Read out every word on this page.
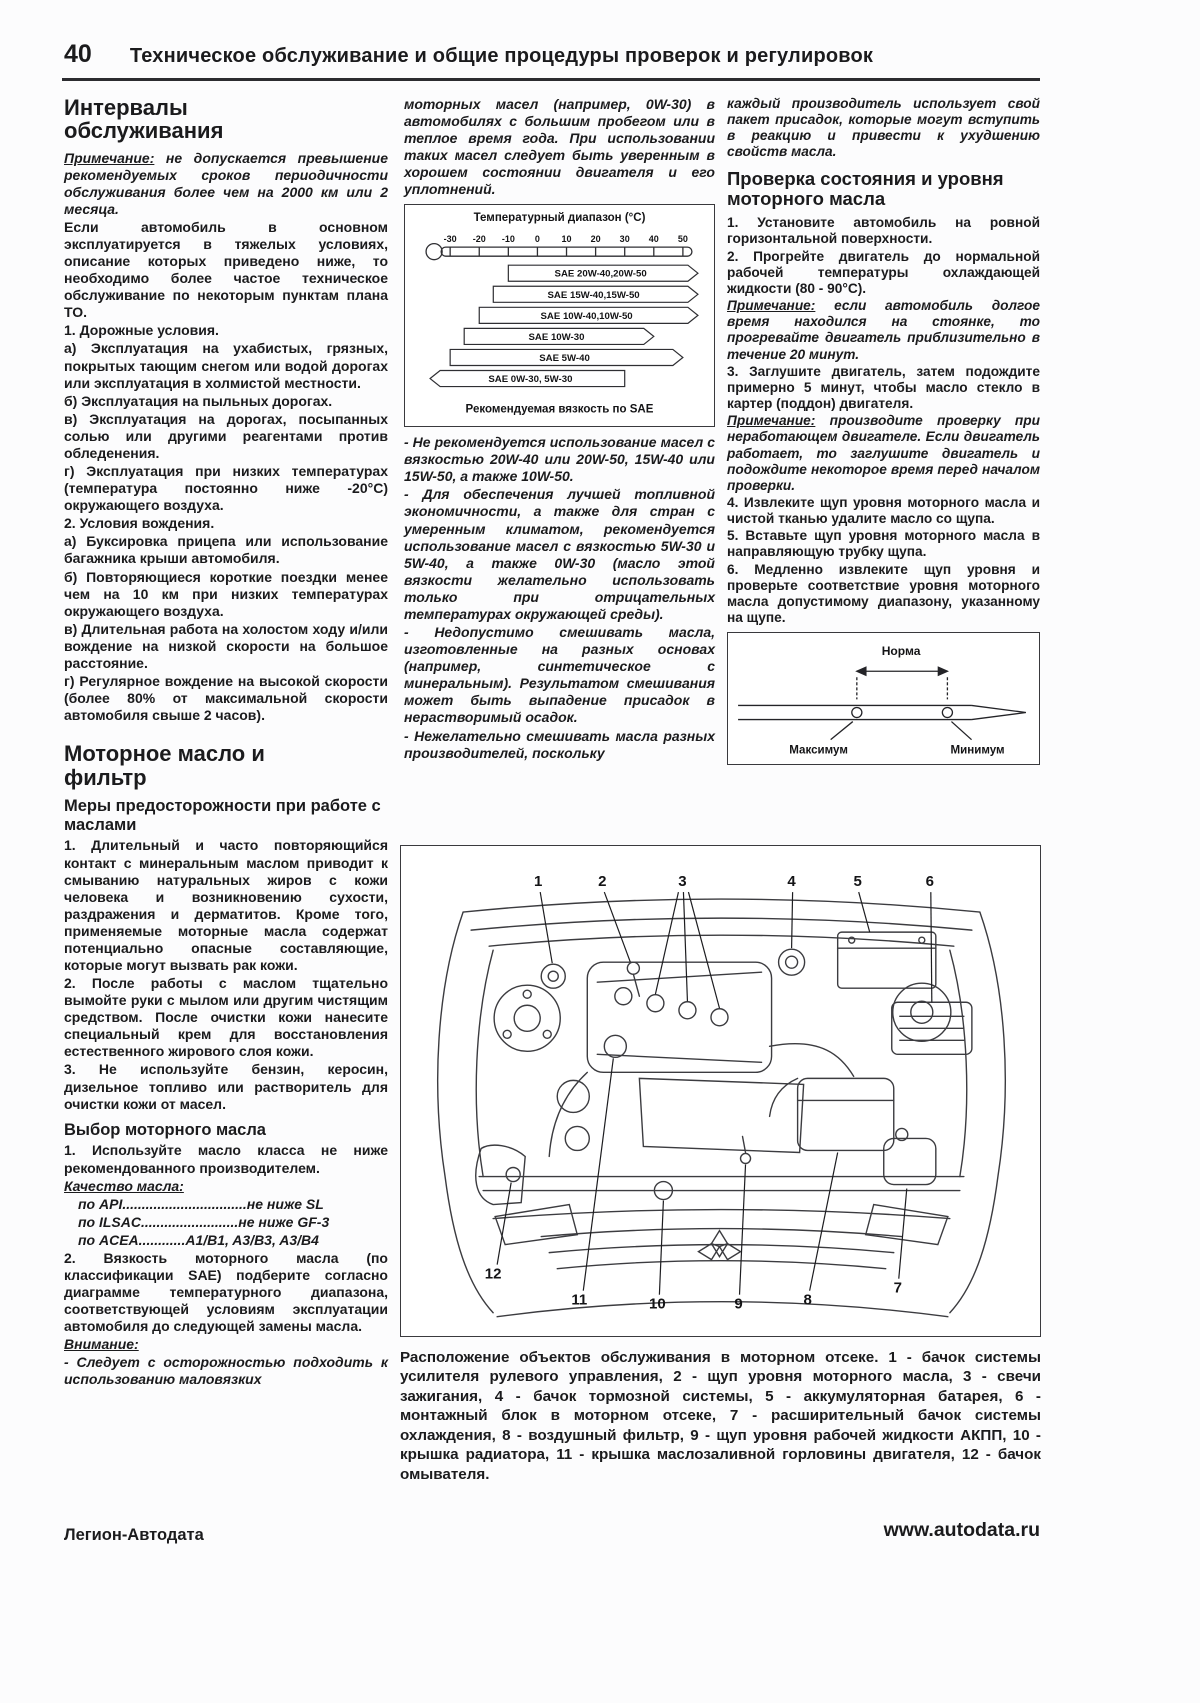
40 Техническое обслуживание и общие процедуры проверок и регулировок
Интервалы обслуживания

Примечание: не допускается превышение рекомендуемых сроков периодичности обслуживания более чем на 2000 км или 2 месяца.

Если автомобиль в основном эксплуатируется в тяжелых условиях, описание которых приведено ниже, то необходимо более частое техническое обслуживание по некоторым пунктам плана ТО.

1. Дорожные условия.

а) Эксплуатация на ухабистых, грязных, покрытых тающим снегом или водой дорогах или эксплуатация в холмистой местности.

б) Эксплуатация на пыльных дорогах.

в) Эксплуатация на дорогах, посыпанных солью или другими реагентами против обледенения.

г) Эксплуатация при низких температурах (температура постоянно ниже -20°C) окружающего воздуха.

2. Условия вождения.

а) Буксировка прицепа или использование багажника крыши автомобиля.

б) Повторяющиеся короткие поездки менее чем на 10 км при низких температурах окружающего воздуха.

в) Длительная работа на холостом ходу и/или вождение на низкой скорости на большое расстояние.

г) Регулярное вождение на высокой скорости (более 80% от максимальной скорости автомобиля свыше 2 часов).

Моторное масло и фильтр
Меры предосторожности при работе с маслами

1. Длительный и часто повторяющийся контакт с минеральным маслом приводит к смыванию натуральных жиров с кожи человека и возникновению сухости, раздражения и дерматитов. Кроме того, применяемые моторные масла содержат потенциально опасные составляющие, которые могут вызвать рак кожи.

2. После работы с маслом тщательно вымойте руки с мылом или другим чистящим средством. После очистки кожи нанесите специальный крем для восстановления естественного жирового слоя кожи.

3. Не используйте бензин, керосин, дизельное топливо или растворитель для очистки кожи от масел.

Выбор моторного масла

1. Используйте масло класса не ниже рекомендованного производителем.

Качество масла:

по API................................не ниже SL

по ILSAC.........................не ниже GF-3

по ACEA............A1/B1, A3/B3, A3/B4

2. Вязкость моторного масла (по классификации SAE) подберите согласно диаграмме температурного диапазона, соответствующей условиям эксплуатации автомобиля до следующей замены масла.

Внимание:

- Следует с осторожностью подходить к использованию маловязких

моторных масел (например, 0W-30) в автомобилях с большим пробегом или в теплое время года. При использовании таких масел следует быть уверенным в хорошем состоянии двигателя и его уплотнений.

Температурный диапазон (°C)
-30 -20 -10 0 10 20 30 40 50
SAE 20W-40,20W-50
SAE 15W-40,15W-50
SAE 10W-40,10W-50
SAE 10W-30
SAE 5W-40
SAE 0W-30, 5W-30
Рекомендуемая вязкость по SAE

- Не рекомендуется использование масел с вязкостью 20W-40 или 20W-50, 15W-40 или 15W-50, а также 10W-50.

- Для обеспечения лучшей топливной экономичности, а также для стран с умеренным климатом, рекомендуется использование масел с вязкостью 5W-30 и 5W-40, а также 0W-30 (масло этой вязкости желательно использовать только при отрицательных температурах окружающей среды).

- Недопустимо смешивать масла, изготовленные на разных основах (например, синтетическое с минеральным). Результатом смешивания может быть выпадение присадок в нерастворимый осадок.

- Нежелательно смешивать масла разных производителей, поскольку

каждый производитель использует свой пакет присадок, которые могут вступить в реакцию и привести к ухудшению свойств масла.

Проверка состояния и уровня моторного масла

1. Установите автомобиль на ровной горизонтальной поверхности.

2. Прогрейте двигатель до нормальной рабочей температуры охлаждающей жидкости (80 - 90°C).

Примечание: если автомобиль долгое время находился на стоянке, то прогревайте двигатель приблизительно в течение 20 минут.

3. Заглушите двигатель, затем подождите примерно 5 минут, чтобы масло стекло в картер (поддон) двигателя.

Примечание: производите проверку при неработающем двигателе. Если двигатель работает, то заглушите двигатель и подождите некоторое время перед началом проверки.

4. Извлеките щуп уровня моторного масла и чистой тканью удалите масло со щупа.

5. Вставьте щуп уровня моторного масла в направляющую трубку щупа.

6. Медленно извлеките щуп уровня и проверьте соответствие уровня моторного масла допустимому диапазону, указанному на щупе.

Норма
Максимум	Минимум
1	2	3	4	5	6
12
11	10	9	8
7

Расположение объектов обслуживания в моторном отсеке. 1 - бачок системы усилителя рулевого управления, 2 - щуп уровня моторного масла, 3 - свечи зажигания, 4 - бачок тормозной системы, 5 - аккумуляторная батарея, 6 - монтажный блок в моторном отсеке, 7 - расширительный бачок системы охлаждения, 8 - воздушный фильтр, 9 - щуп уровня рабочей жидкости АКПП, 10 - крышка радиатора, 11 - крышка маслозаливной горловины двигателя, 12 - бачок омывателя.

Легион-Автодата	www.autodata.ru
